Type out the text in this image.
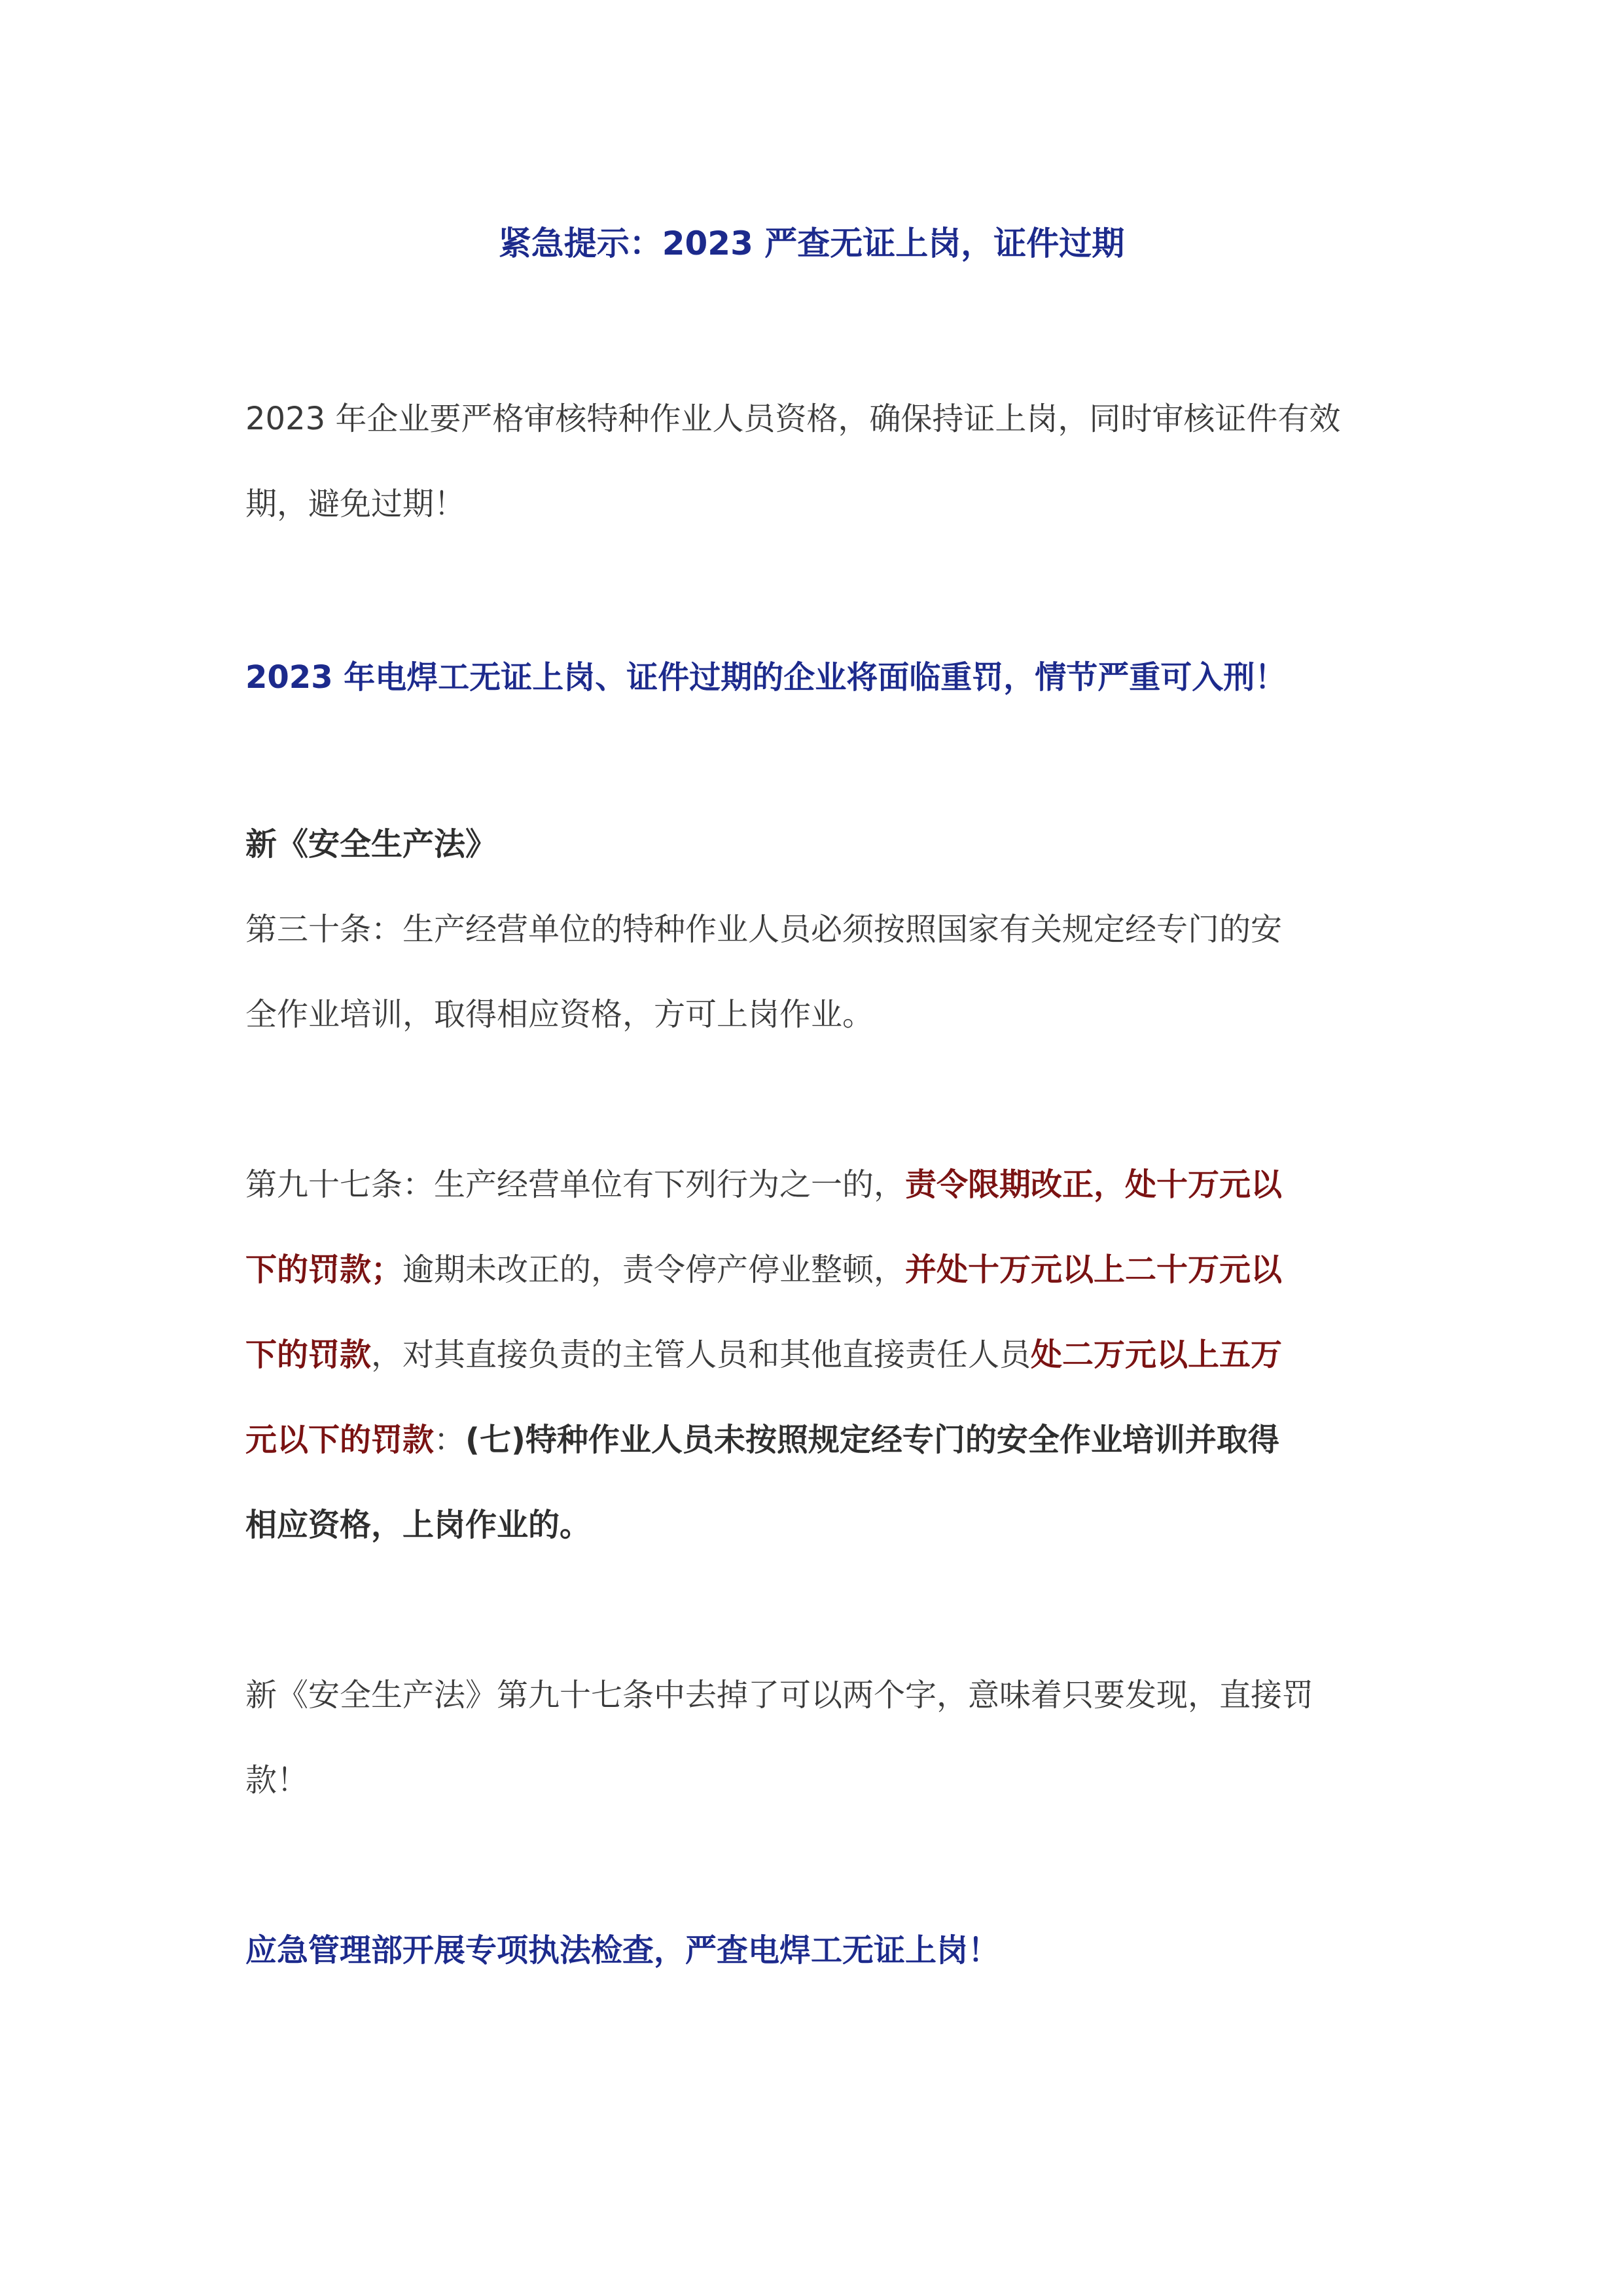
紧急提示：2023 严查无证上岗，证件过期

2023 年企业要严格审核特种作业人员资格，确保持证上岗，同时审核证件有效
期，避免过期！

2023 年电焊工无证上岗、证件过期的企业将面临重罚，情节严重可入刑！

新《安全生产法》

第三十条：生产经营单位的特种作业人员必须按照国家有关规定经专门的安
全作业培训，取得相应资格，方可上岗作业。

第九十七条：生产经营单位有下列行为之一的，责令限期改正，处十万元以
下的罚款；逾期未改正的，责令停产停业整顿，并处十万元以上二十万元以
下的罚款，对其直接负责的主管人员和其他直接责任人员处二万元以上五万
元以下的罚款：(七)特种作业人员未按照规定经专门的安全作业培训并取得
相应资格，上岗作业的。

新《安全生产法》第九十七条中去掉了可以两个字，意味着只要发现，直接罚
款！

应急管理部开展专项执法检查，严查电焊工无证上岗！
